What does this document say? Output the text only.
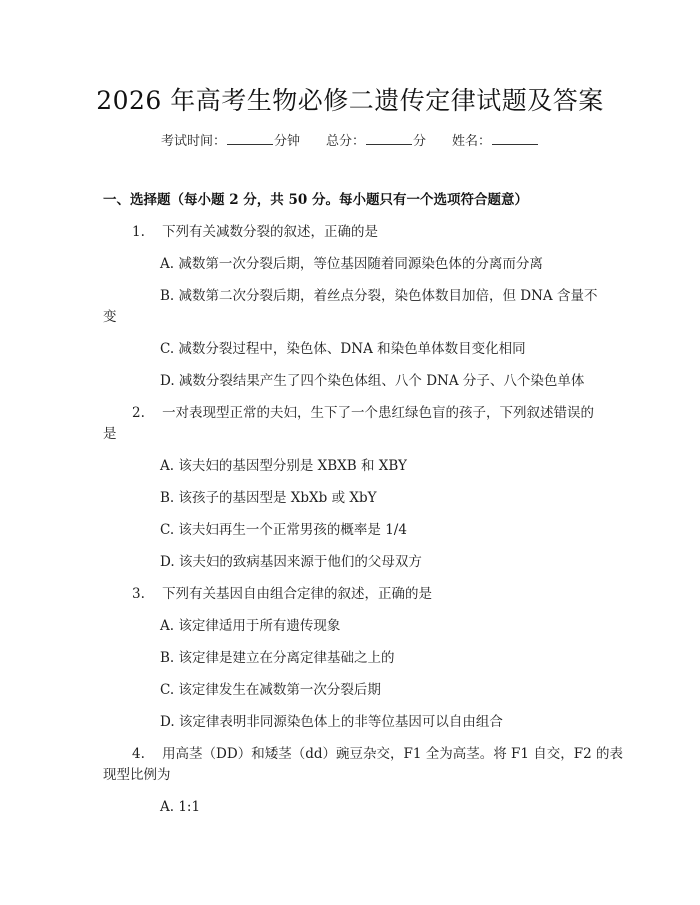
2026 年高考生物必修二遗传定律试题及答案
考试时间：	分钟 总分：	分 姓名：
一、选择题（每小题 2 分，共 50 分。每小题只有一个选项符合题意）
1. 下列有关减数分裂的叙述，正确的是
A. 减数第一次分裂后期，等位基因随着同源染色体的分离而分离
B. 减数第二次分裂后期，着丝点分裂，染色体数目加倍，但 DNA 含量不
变
C. 减数分裂过程中，染色体、DNA 和染色单体数目变化相同
D. 减数分裂结果产生了四个染色体组、八个 DNA 分子、八个染色单体
2. 一对表现型正常的夫妇，生下了一个患红绿色盲的孩子，下列叙述错误的
是
A. 该夫妇的基因型分别是 XBXB 和 XBY
B. 该孩子的基因型是 XbXb 或 XbY
C. 该夫妇再生一个正常男孩的概率是 1/4
D. 该夫妇的致病基因来源于他们的父母双方
3. 下列有关基因自由组合定律的叙述，正确的是
A. 该定律适用于所有遗传现象
B. 该定律是建立在分离定律基础之上的
C. 该定律发生在减数第一次分裂后期
D. 该定律表明非同源染色体上的非等位基因可以自由组合
4. 用高茎（DD）和矮茎（dd）豌豆杂交，F1 全为高茎。将 F1 自交，F2 的表
现型比例为
A. 1:1
